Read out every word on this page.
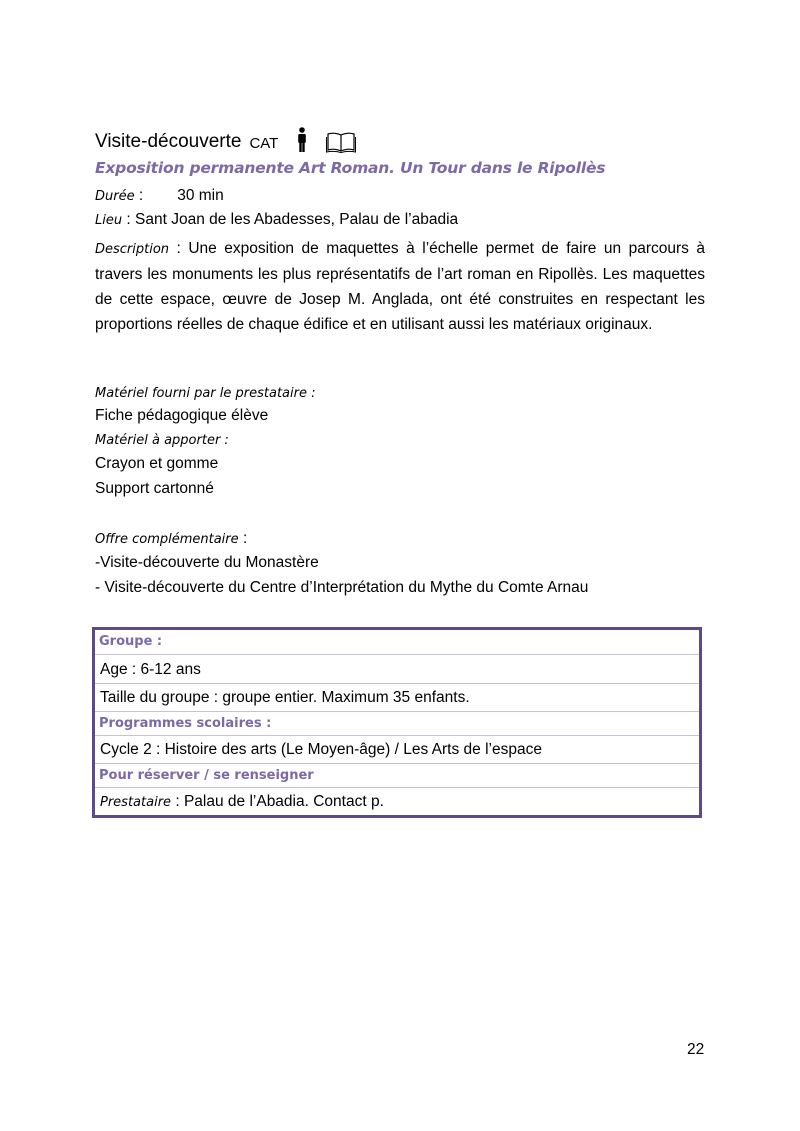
Visite-découverte CAT
Exposition permanente Art Roman. Un Tour dans le Ripollès
Durée : 30 min
Lieu : Sant Joan de les Abadesses, Palau de l’abadia
Description : Une exposition de maquettes à l’échelle permet de faire un parcours à travers les monuments les plus représentatifs de l’art roman en Ripollès. Les maquettes de cette espace, œuvre de Josep M. Anglada, ont été construites en respectant les proportions réelles de chaque édifice et en utilisant aussi les matériaux originaux.
Matériel fourni par le prestataire :
Fiche pédagogique élève
Matériel à apporter :
Crayon et gomme
Support cartonné
Offre complémentaire :
-Visite-découverte du Monastère
- Visite-découverte du Centre d’Interprétation du Mythe du Comte Arnau
Groupe :
Age : 6-12 ans
Taille du groupe : groupe entier. Maximum 35 enfants.
Programmes scolaires :
Cycle 2 : Histoire des arts (Le Moyen-âge) / Les Arts de l’espace
Pour réserver / se renseigner
Prestataire : Palau de l’Abadia. Contact p.
22
